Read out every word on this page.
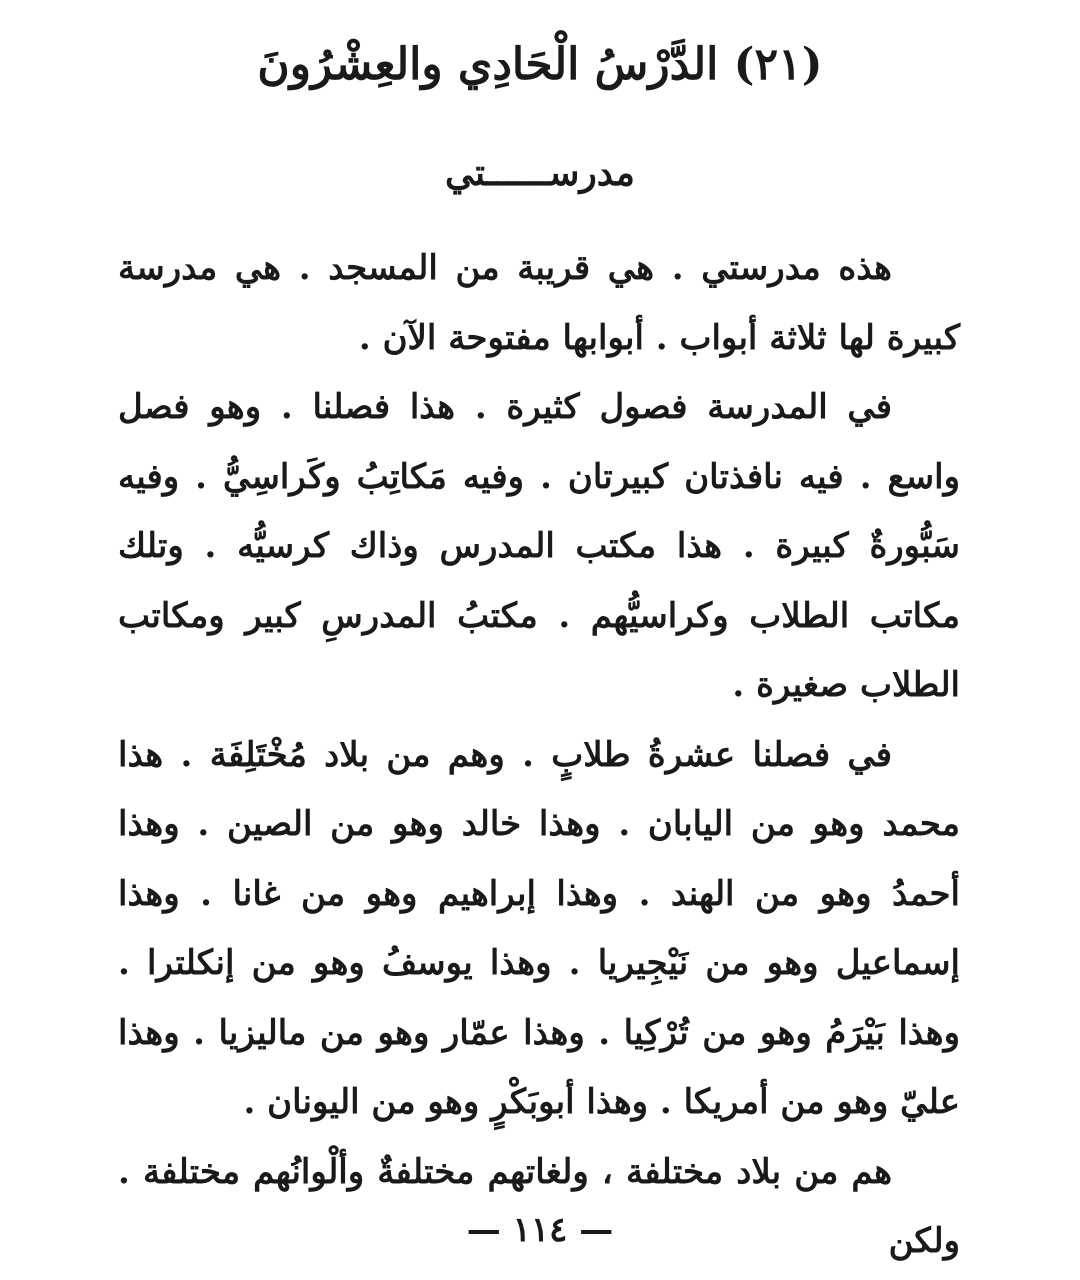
(٢١) الدَّرْسُ الْحَادِي والعِشْرُونَ
مدرســــــتي

هذه مدرستي . هي قريبة من المسجد . هي مدرسة كبيرة لها ثلاثة أبواب . أبوابها مفتوحة الآن .

في المدرسة فصول كثيرة . هذا فصلنا . وهو فصل واسع . فيه نافذتان كبيرتان . وفيه مَكاتِبُ وكَراسِيُّ . وفيه سَبُّورةٌ كبيرة . هذا مكتب المدرس وذاك كرسيُّه . وتلك مكاتب الطلاب وكراسيُّهم . مكتبُ المدرسِ كبير ومكاتب الطلاب صغيرة .

في فصلنا عشرةُ طلابٍ . وهم من بلاد مُخْتَلِفَة . هذا محمد وهو من اليابان . وهذا خالد وهو من الصين . وهذا أحمدُ وهو من الهند . وهذا إبراهيم وهو من غانا . وهذا إسماعيل وهو من نَيْجِيريا . وهذا يوسفُ وهو من إنكلترا . وهذا بَيْرَمُ وهو من تُرْكِيا . وهذا عمّار وهو من ماليزيا . وهذا عليّ وهو من أمريكا . وهذا أبوبَكْرٍ وهو من اليونان .

هم من بلاد مختلفة ، ولغاتهم مختلفةٌ وألْوانُهم مختلفة . ولكن

— ١١٤ —
